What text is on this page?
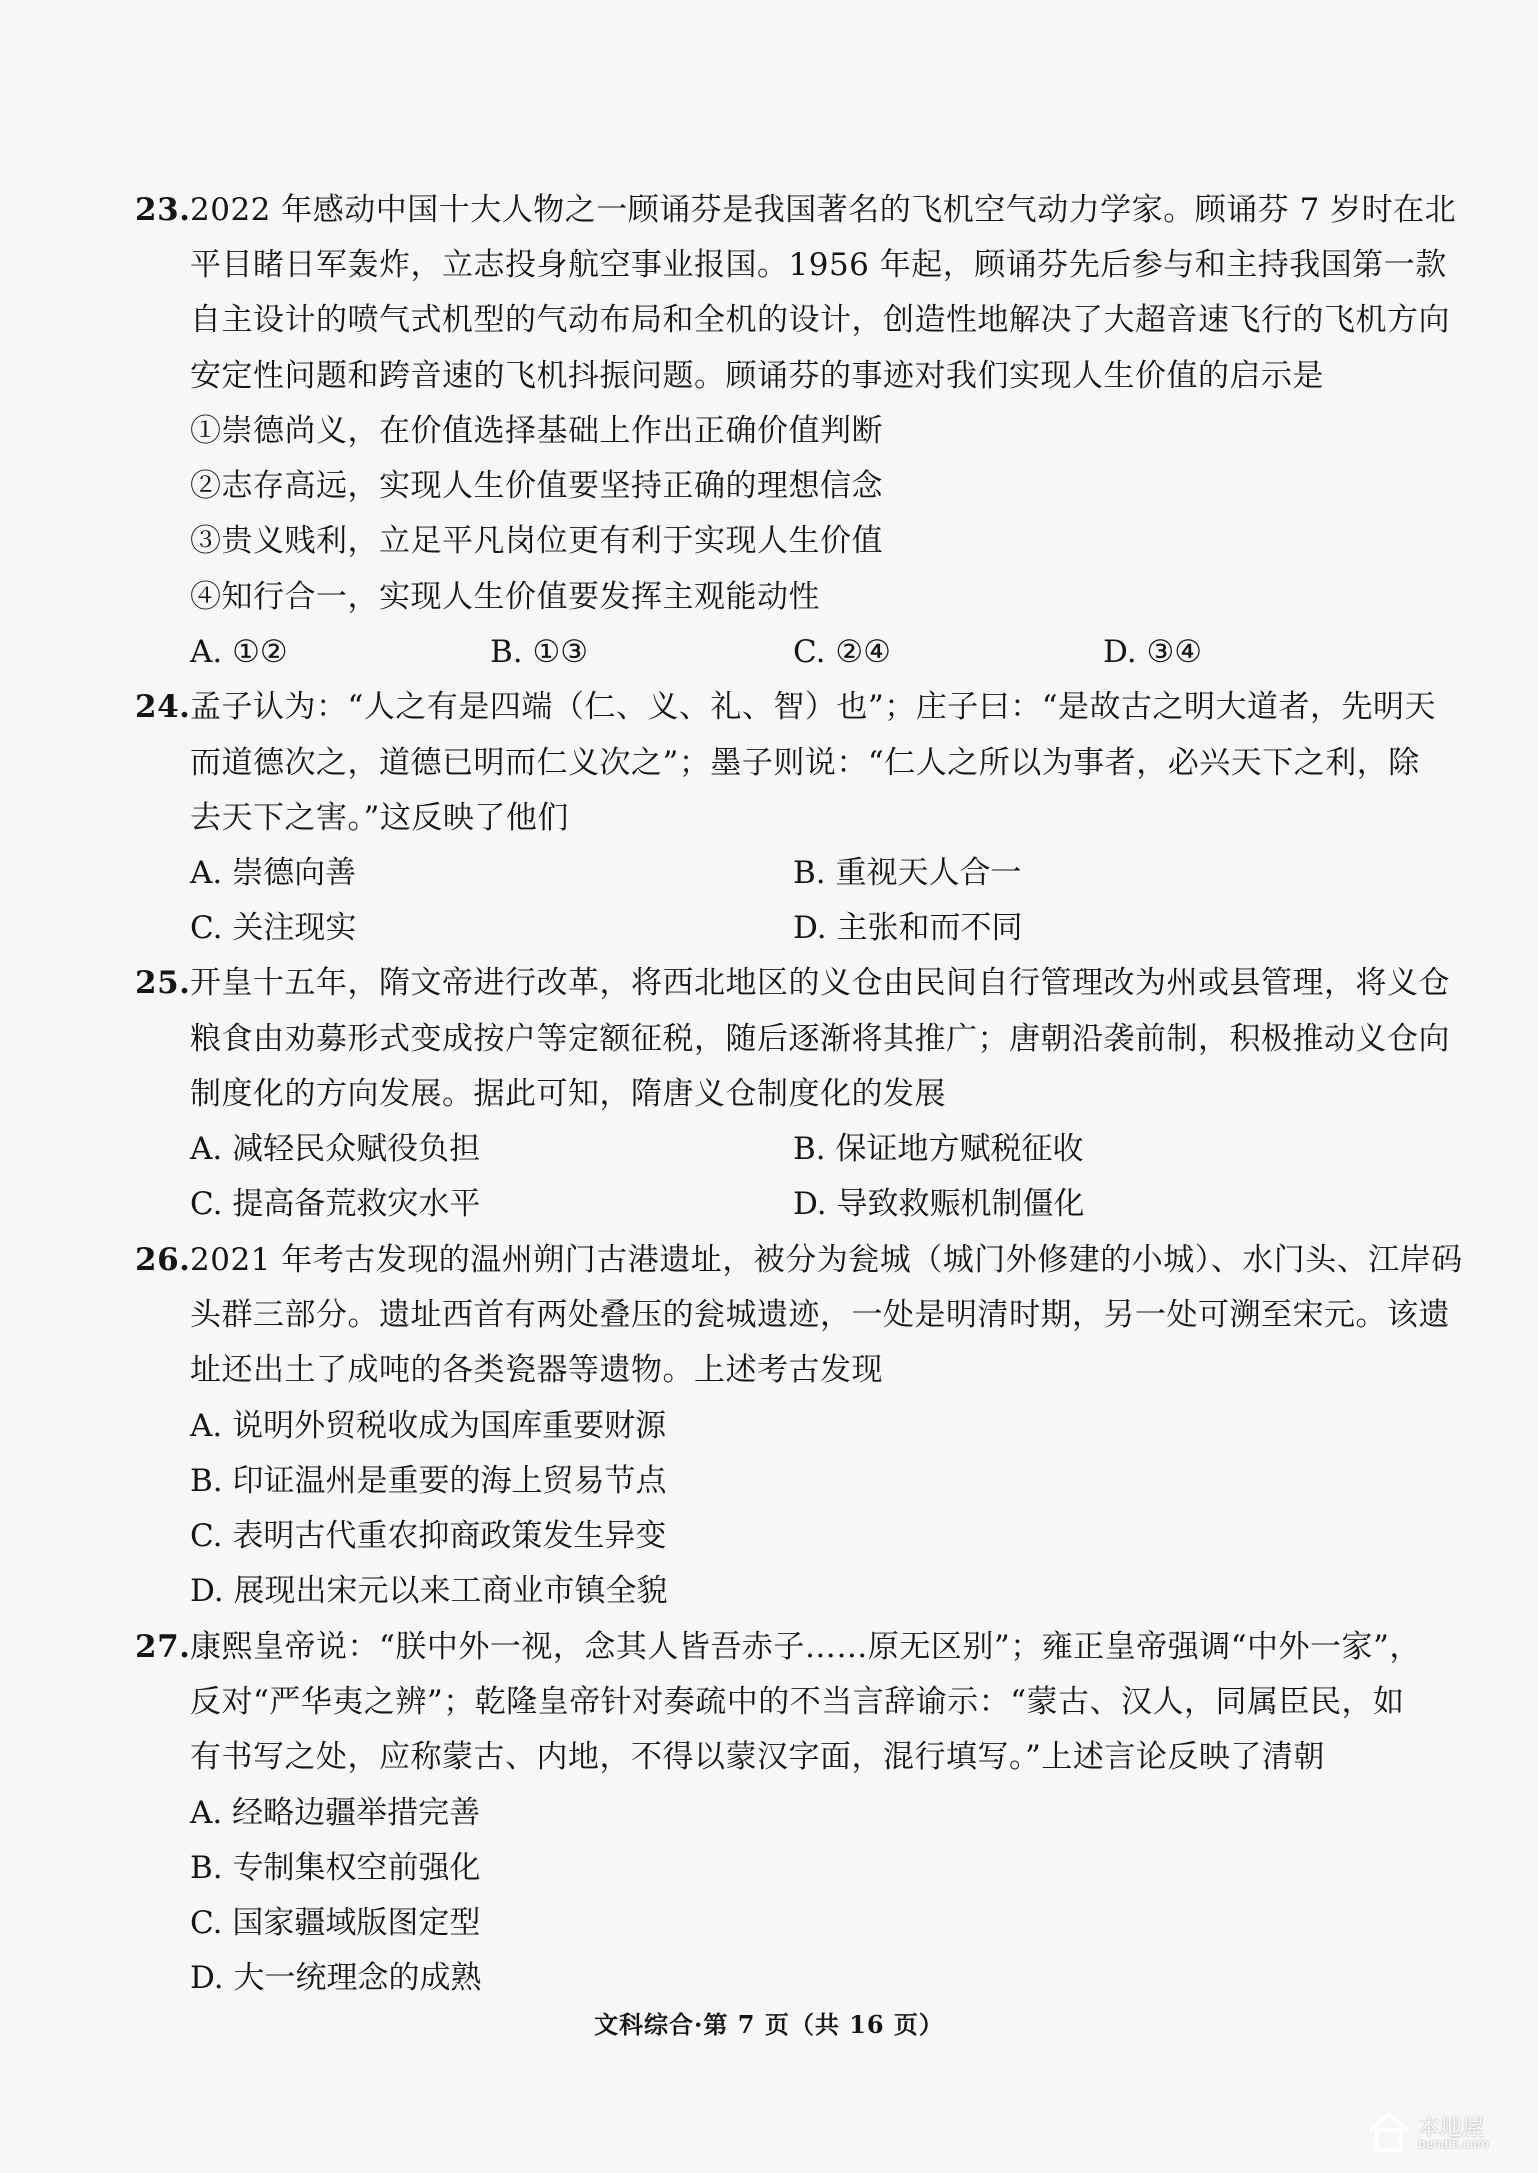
23. 2022 年感动中国十大人物之一顾诵芬是我国著名的飞机空气动力学家。顾诵芬 7 岁时在北
平目睹日军轰炸，立志投身航空事业报国。1956 年起，顾诵芬先后参与和主持我国第一款
自主设计的喷气式机型的气动布局和全机的设计，创造性地解决了大超音速飞行的飞机方向
安定性问题和跨音速的飞机抖振问题。顾诵芬的事迹对我们实现人生价值的启示是
①崇德尚义，在价值选择基础上作出正确价值判断
②志存高远，实现人生价值要坚持正确的理想信念
③贵义贱利，立足平凡岗位更有利于实现人生价值
④知行合一，实现人生价值要发挥主观能动性
A. ①②	B. ①③	C. ②④	D. ③④
24. 孟子认为：“人之有是四端（仁、义、礼、智）也”；庄子曰：“是故古之明大道者，先明天
而道德次之，道德已明而仁义次之”；墨子则说：“仁人之所以为事者，必兴天下之利，除
去天下之害。”这反映了他们
A. 崇德向善	B. 重视天人合一
C. 关注现实	D. 主张和而不同
25. 开皇十五年，隋文帝进行改革，将西北地区的义仓由民间自行管理改为州或县管理，将义仓
粮食由劝募形式变成按户等定额征税，随后逐渐将其推广；唐朝沿袭前制，积极推动义仓向
制度化的方向发展。据此可知，隋唐义仓制度化的发展
A. 减轻民众赋役负担	B. 保证地方赋税征收
C. 提高备荒救灾水平	D. 导致救赈机制僵化
26. 2021 年考古发现的温州朔门古港遗址，被分为瓮城（城门外修建的小城）、水门头、江岸码
头群三部分。遗址西首有两处叠压的瓮城遗迹，一处是明清时期，另一处可溯至宋元。该遗
址还出土了成吨的各类瓷器等遗物。上述考古发现
A. 说明外贸税收成为国库重要财源
B. 印证温州是重要的海上贸易节点
C. 表明古代重农抑商政策发生异变
D. 展现出宋元以来工商业市镇全貌
27. 康熙皇帝说：“朕中外一视，念其人皆吾赤子……原无区别”；雍正皇帝强调“中外一家”，
反对“严华夷之辨”；乾隆皇帝针对奏疏中的不当言辞谕示：“蒙古、汉人，同属臣民，如
有书写之处，应称蒙古、内地，不得以蒙汉字面，混行填写。”上述言论反映了清朝
A. 经略边疆举措完善
B. 专制集权空前强化
C. 国家疆域版图定型
D. 大一统理念的成熟
文科综合·第 7 页（共 16 页）
本地屋
bendi5.com
